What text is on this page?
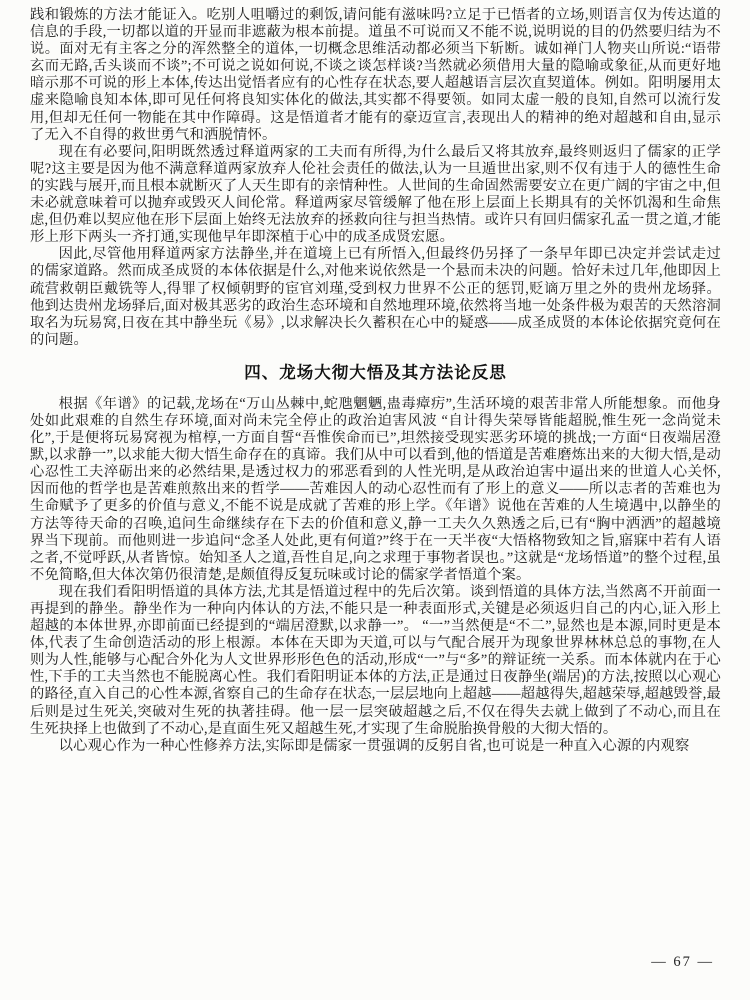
践和锻炼的方法才能证入。吃别人咀嚼过的剩饭,请问能有滋味吗?立足于已悟者的立场,则语言仅为传达道的信息的手段,一切都以道的开显而非遮蔽为根本前提。道虽不可说而又不能不说,说明说的目的仍然要归结为不说。面对无有主客之分的浑然整全的道体,一切概念思维活动都必须当下斩断。诚如禅门人物夹山所说:“语带玄而无路,舌头谈而不谈”;不可说之说如何说,不谈之谈怎样谈?当然就必须借用大量的隐喻或象征,从而更好地暗示那不可说的形上本体,传达出觉悟者应有的心性存在状态,要人超越语言层次直契道体。例如。阳明屡用太虚来隐喻良知本体,即可见任何将良知实体化的做法,其实都不得要领。如同太虚一般的良知,自然可以流行发用,但却无任何一物能在其中作障碍。这是悟道者才能有的豪迈宣言,表现出人的精神的绝对超越和自由,显示了无入不自得的救世勇气和洒脱情怀。

现在有必要问,阳明既然透过释道两家的工夫而有所得,为什么最后又将其放弃,最终则返归了儒家的正学呢?这主要是因为他不满意释道两家放弃人伦社会责任的做法,认为一旦遁世出家,则不仅有违于人的德性生命的实践与展开,而且根本就断灭了人天生即有的亲情种性。人世间的生命固然需要安立在更广阔的宇宙之中,但未必就意味着可以抛弃或毁灭人间伦常。释道两家尽管缓解了他在形上层面上长期具有的关怀饥渴和生命焦虑,但仍难以契应他在形下层面上始终无法放弃的拯救向往与担当热情。或许只有回归儒家孔孟一贯之道,才能形上形下两头一齐打通,实现他早年即深植于心中的成圣成贤宏愿。

因此,尽管他用释道两家方法静坐,并在道境上已有所悟入,但最终仍另择了一条早年即已决定并尝试走过的儒家道路。然而成圣成贤的本体依据是什么,对他来说依然是一个悬而未决的问题。恰好未过几年,他即因上疏营救朝臣戴铣等人,得罪了权倾朝野的宦官刘瑾,受到权力世界不公正的惩罚,贬谪万里之外的贵州龙场驿。他到达贵州龙场驿后,面对极其恶劣的政治生态环境和自然地理环境,依然将当地一处条件极为艰苦的天然溶洞取名为玩易窝,日夜在其中静坐玩《易》,以求解决长久蓄积在心中的疑惑——成圣成贤的本体论依据究竟何在的问题。

四、龙场大彻大悟及其方法论反思

根据《年谱》的记载,龙场在“万山丛棘中,蛇虺魍魉,蛊毒瘴疠”,生活环境的艰苦非常人所能想象。而他身处如此艰难的自然生存环境,面对尚未完全停止的政治迫害风波 “自计得失荣辱皆能超脱,惟生死一念尚觉未化”,于是便将玩易窝视为棺椁,一方面自誓“吾惟俟命而已”,坦然接受现实恶劣环境的挑战;一方面“日夜端居澄默,以求静一”,以求能大彻大悟生命存在的真谛。我们从中可以看到,他的悟道是苦难磨炼出来的大彻大悟,是动心忍性工夫淬砺出来的必然结果,是透过权力的邪恶看到的人性光明,是从政治迫害中逼出来的世道人心关怀,因而他的哲学也是苦难煎熬出来的哲学——苦难因人的动心忍性而有了形上的意义——所以志者的苦难也为生命赋予了更多的价值与意义,不能不说是成就了苦难的形上学。《年谱》说他在苦难的人生境遇中,以静坐的方法等待天命的召唤,追问生命继续存在下去的价值和意义,静一工夫久久熟透之后,已有“胸中洒洒”的超越境界当下现前。而他则进一步追问“念圣人处此,更有何道?”终于在一天半夜“大悟格物致知之旨,寤寐中若有人语之者,不觉呼跃,从者皆惊。始知圣人之道,吾性自足,向之求理于事物者误也。”这就是“龙场悟道”的整个过程,虽不免简略,但大体次第仍很清楚,是颇值得反复玩味或讨论的儒家学者悟道个案。

现在我们看阳明悟道的具体方法,尤其是悟道过程中的先后次第。谈到悟道的具体方法,当然离不开前面一再提到的静坐。静坐作为一种向内体认的方法,不能只是一种表面形式,关键是必须返归自己的内心,证入形上超越的本体世界,亦即前面已经提到的“端居澄默,以求静一”。 “一”当然便是“不二”,显然也是本源,同时更是本体,代表了生命创造活动的形上根源。本体在天即为天道,可以与气配合展开为现象世界林林总总的事物,在人则为人性,能够与心配合外化为人文世界形形色色的活动,形成“一”与“多”的辩证统一关系。而本体就内在于心性,下手的工夫当然也不能脱离心性。我们看阳明证本体的方法,正是通过日夜静坐(端居)的方法,按照以心观心的路径,直入自己的心性本源,省察自己的生命存在状态,一层层地向上超越——超越得失,超越荣辱,超越毁誉,最后则是过生死关,突破对生死的执著挂碍。他一层一层突破超越之后,不仅在得失去就上做到了不动心,而且在生死抉择上也做到了不动心,是直面生死又超越生死,才实现了生命脱胎换骨般的大彻大悟的。

以心观心作为一种心性修养方法,实际即是儒家一贯强调的反躬自省,也可说是一种直入心源的内观察

— 67 —
